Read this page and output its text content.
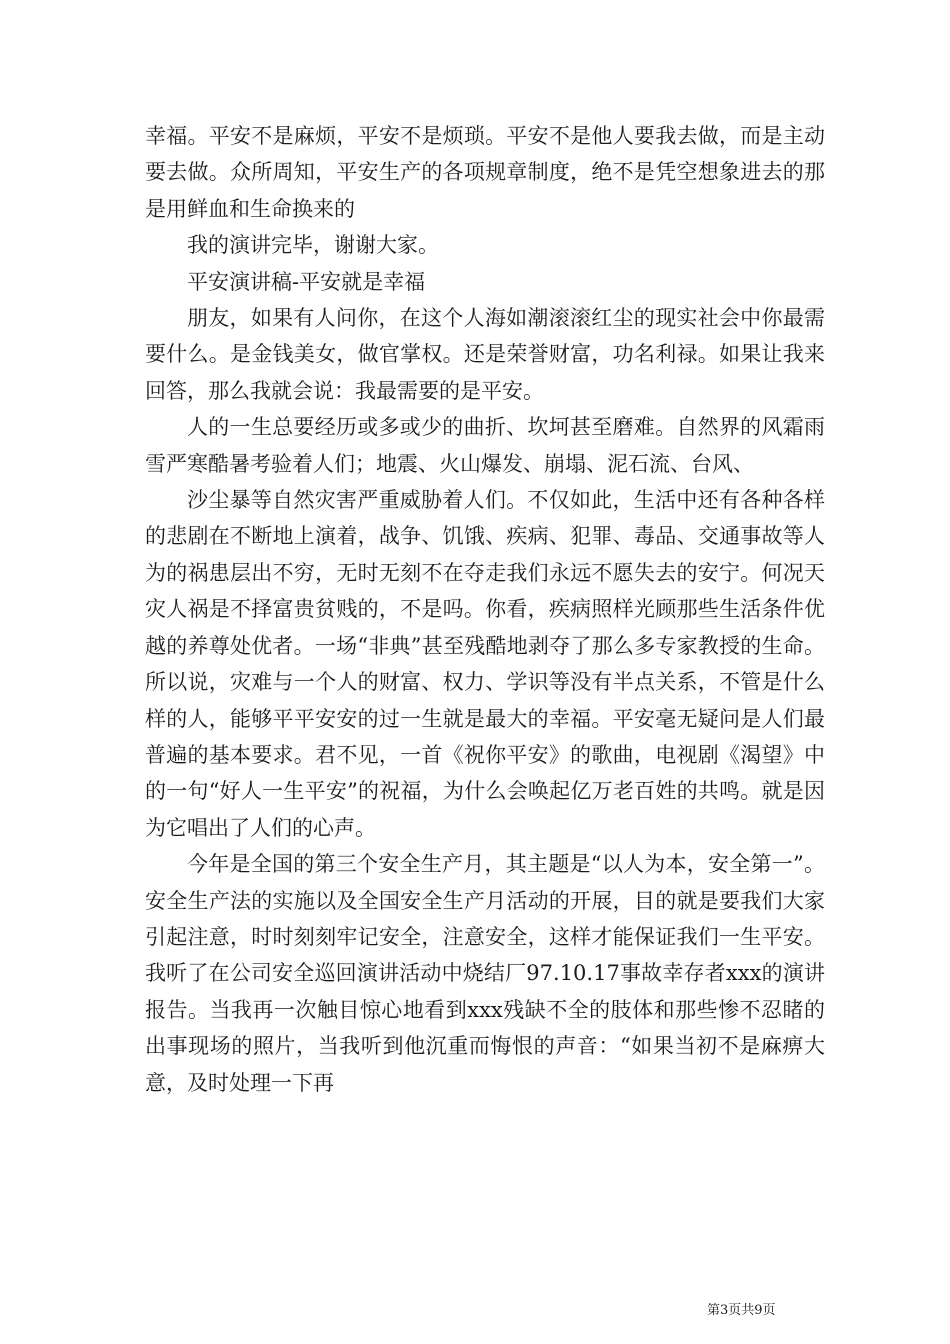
幸福。平安不是麻烦，平安不是烦琐。平安不是他人要我去做，而是主动要去做。众所周知，平安生产的各项规章制度，绝不是凭空想象进去的那是用鲜血和生命换来的

我的演讲完毕，谢谢大家。

平安演讲稿-平安就是幸福

朋友，如果有人问你，在这个人海如潮滚滚红尘的现实社会中你最需要什么。是金钱美女，做官掌权。还是荣誉财富，功名利禄。如果让我来回答，那么我就会说：我最需要的是平安。

人的一生总要经历或多或少的曲折、坎坷甚至磨难。自然界的风霜雨雪严寒酷暑考验着人们；地震、火山爆发、崩塌、泥石流、台风、

沙尘暴等自然灾害严重威胁着人们。不仅如此，生活中还有各种各样的悲剧在不断地上演着，战争、饥饿、疾病、犯罪、毒品、交通事故等人为的祸患层出不穷，无时无刻不在夺走我们永远不愿失去的安宁。何况天灾人祸是不择富贵贫贱的，不是吗。你看，疾病照样光顾那些生活条件优越的养尊处优者。一场“非典”甚至残酷地剥夺了那么多专家教授的生命。所以说，灾难与一个人的财富、权力、学识等没有半点关系，不管是什么样的人，能够平平安安的过一生就是最大的幸福。平安毫无疑问是人们最普遍的基本要求。君不见，一首《祝你平安》的歌曲，电视剧《渴望》中的一句“好人一生平安”的祝福，为什么会唤起亿万老百姓的共鸣。就是因为它唱出了人们的心声。

今年是全国的第三个安全生产月，其主题是“以人为本，安全第一”。安全生产法的实施以及全国安全生产月活动的开展，目的就是要我们大家引起注意，时时刻刻牢记安全，注意安全，这样才能保证我们一生平安。我听了在公司安全巡回演讲活动中烧结厂97.10.17事故幸存者xxx的演讲报告。当我再一次触目惊心地看到xxx残缺不全的肢体和那些惨不忍睹的出事现场的照片，当我听到他沉重而悔恨的声音：“如果当初不是麻痹大意，及时处理一下再

第3页共9页
